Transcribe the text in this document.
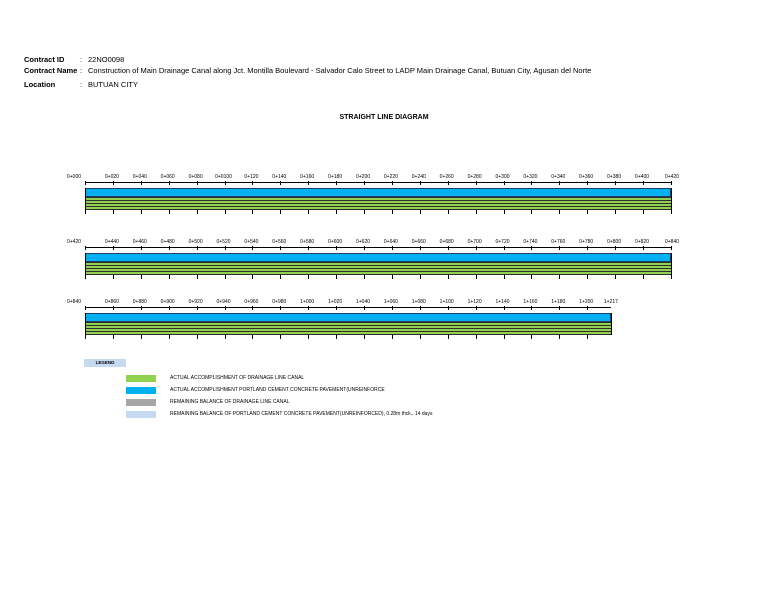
Contract ID : 22NO0098
Contract Name : Construction of Main Drainage Canal along Jct. Montilla Boulevard - Salvador Calo Street to LADP Main Drainage Canal, Butuan City, Agusan del Norte
Location	: BUTUAN CITY
STRAIGHT LINE DIAGRAM
0+000	0+020	0+040	0+060	0+080 0+0100 0+120	0+140	0+160	0+180	0+200	0+220	0+240	0+260	0+280	0+300	0+320	0+340	0+360	0+380	0+400	0+420
0+420	0+440	0+460	0+480	0+500	0+520	0+540	0+560	0+580	0+600	0+620	0+640	0+660	0+680	0+700	0+720	0+740	0+760	0+780	0+800	0+820	0+840
0+840	0+860	0+880	0+900	0+920	0+940	0+960	0+980	1+000	1+020	1+040	1+060	1+080	1+100	1+120	1+140	1+160	1+180	1+200 1+217
LEGEND
ACTUAL ACCOMPLISHMENT OF DRAINAGE LINE CANAL
ACTUAL ACCOMPLISHMENT PORTLAND CEMENT CONCRETE PAVEMENT(UNREINFORCE
REMAINING BALANCE OF DRAINAGE LINE CANAL
REMAINING BALANCE OF PORTLAND CEMENT CONCRETE PAVEMENT(UNREINFORCED), 0.28m thck., 14 days
